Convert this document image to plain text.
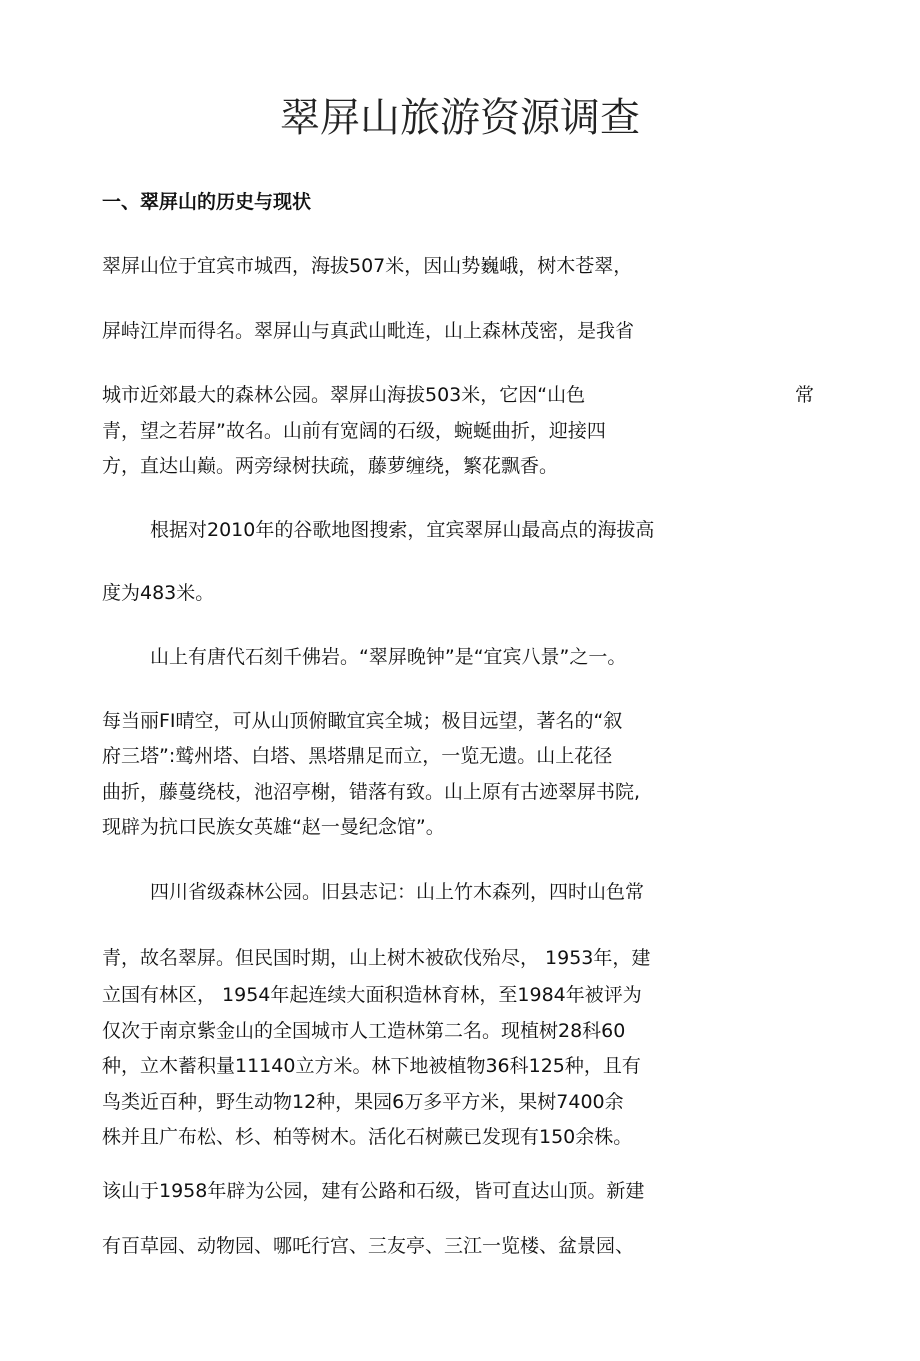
翠屏山旅游资源调查
一、翠屏山的历史与现状

翠屏山位于宜宾市城西，海拔507米，因山势巍峨，树木苍翠，

屏峙江岸而得名。翠屏山与真武山毗连，山上森林茂密，是我省

城市近郊最大的森林公园。翠屏山海拔503米，它因“山色	常

青，望之若屏”故名。山前有宽阔的石级，蜿蜒曲折，迎接四

方，直达山巅。两旁绿树扶疏，藤萝缠绕，繁花飘香。

根据对2010年的谷歌地图搜索，宜宾翠屏山最高点的海拔高

度为483米。

山上有唐代石刻千佛岩。“翠屏晚钟”是“宜宾八景”之一。

每当丽FI晴空，可从山顶俯瞰宜宾全城；极目远望，著名的“叙

府三塔”:鹫州塔、白塔、黑塔鼎足而立，一览无遗。山上花径

曲折，藤蔓绕枝，池沼亭榭，错落有致。山上原有古迹翠屏书院,

现辟为抗口民族女英雄“赵一曼纪念馆”。

四川省级森林公园。旧县志记：山上竹木森列，四时山色常

青，故名翠屏。但民国时期，山上树木被砍伐殆尽， 1953年，建

立国有林区， 1954年起连续大面积造林育林，至1984年被评为

仅次于南京紫金山的全国城市人工造林第二名。现植树28科60

种，立木蓄积量11140立方米。林下地被植物36科125种，且有

鸟类近百种，野生动物12种，果园6万多平方米，果树7400余

株并且广布松、杉、柏等树木。活化石树蕨已发现有150余株。

该山于1958年辟为公园，建有公路和石级，皆可直达山顶。新建

有百草园、动物园、哪吒行宫、三友亭、三江一览楼、盆景园、
